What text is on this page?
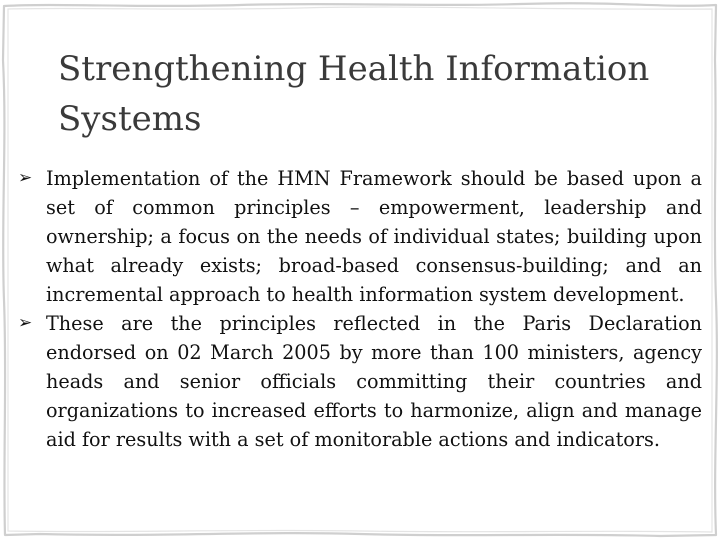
Strengthening Health Information Systems
➢ Implementation of the HMN Framework should be based upon a set of common principles – empowerment, leadership and ownership; a focus on the needs of individual states; building upon what already exists; broad-based consensus-building; and an incremental approach to health information system development.
➢ These are the principles reflected in the Paris Declaration endorsed on 02 March 2005 by more than 100 ministers, agency heads and senior officials committing their countries and organizations to increased efforts to harmonize, align and manage aid for results with a set of monitorable actions and indicators.
